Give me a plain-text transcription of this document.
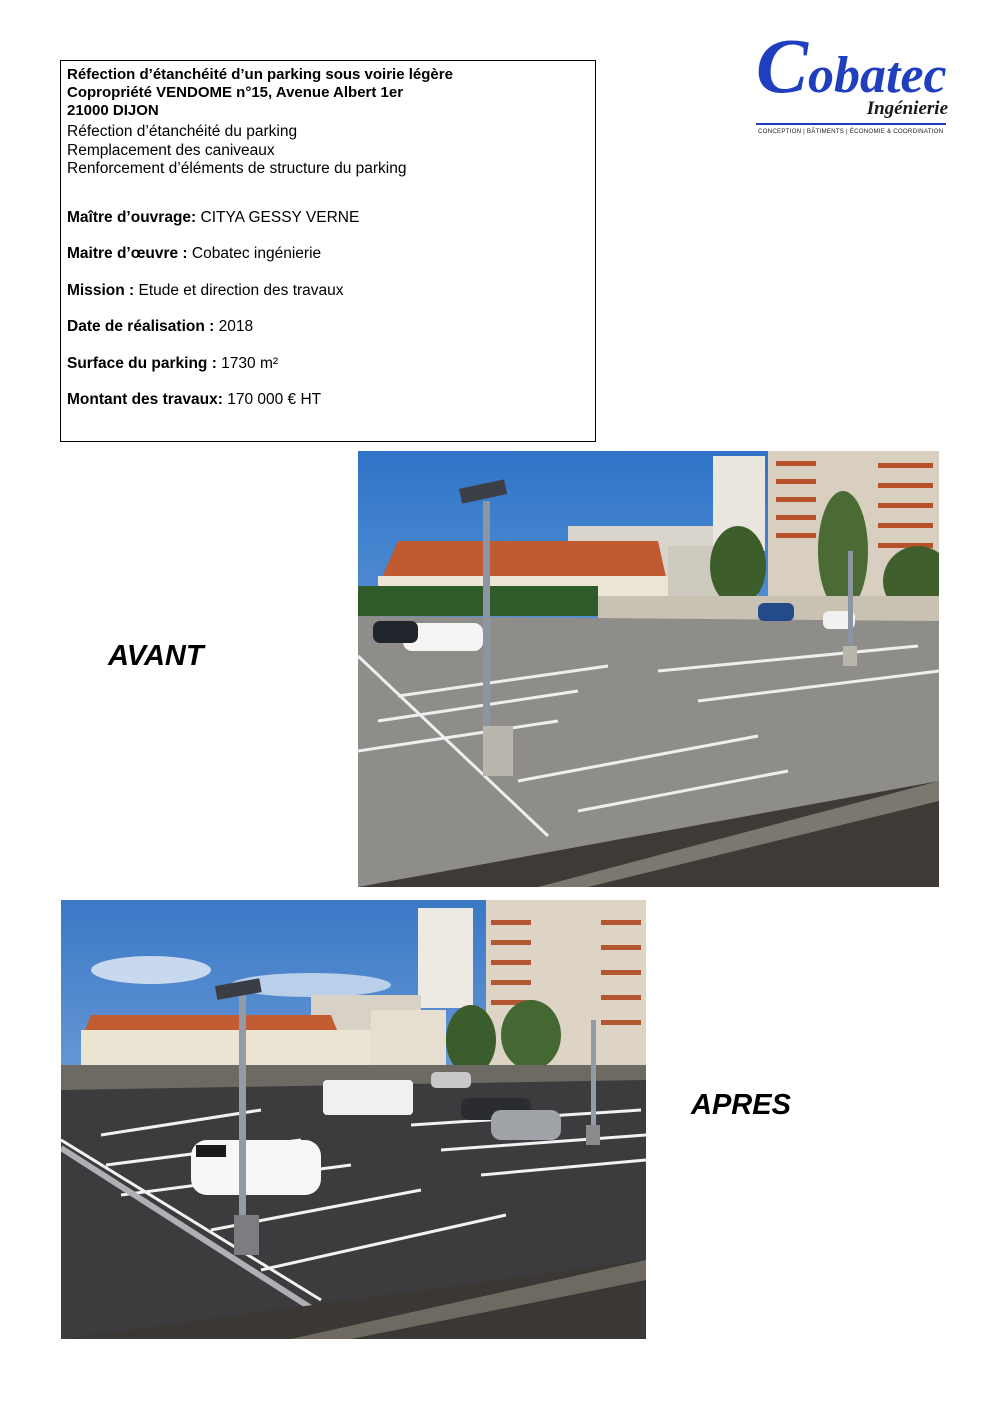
Réfection d’étanchéité d’un parking sous voirie légère
Copropriété VENDOME n°15, Avenue Albert 1er
21000 DIJON
Réfection d’étanchéité du parking
Remplacement des caniveaux
Renforcement d’éléments de structure du parking
Maître d’ouvrage: CITYA GESSY VERNE
Maitre d’œuvre : Cobatec ingénierie
Mission : Etude et direction des travaux
Date de réalisation : 2018
Surface du parking : 1730 m²
Montant des travaux: 170 000 € HT
Cobatec
Ingénierie
CONCEPTION | BÂTIMENTS | ÉCONOMIE & COORDINATION
AVANT
APRES
